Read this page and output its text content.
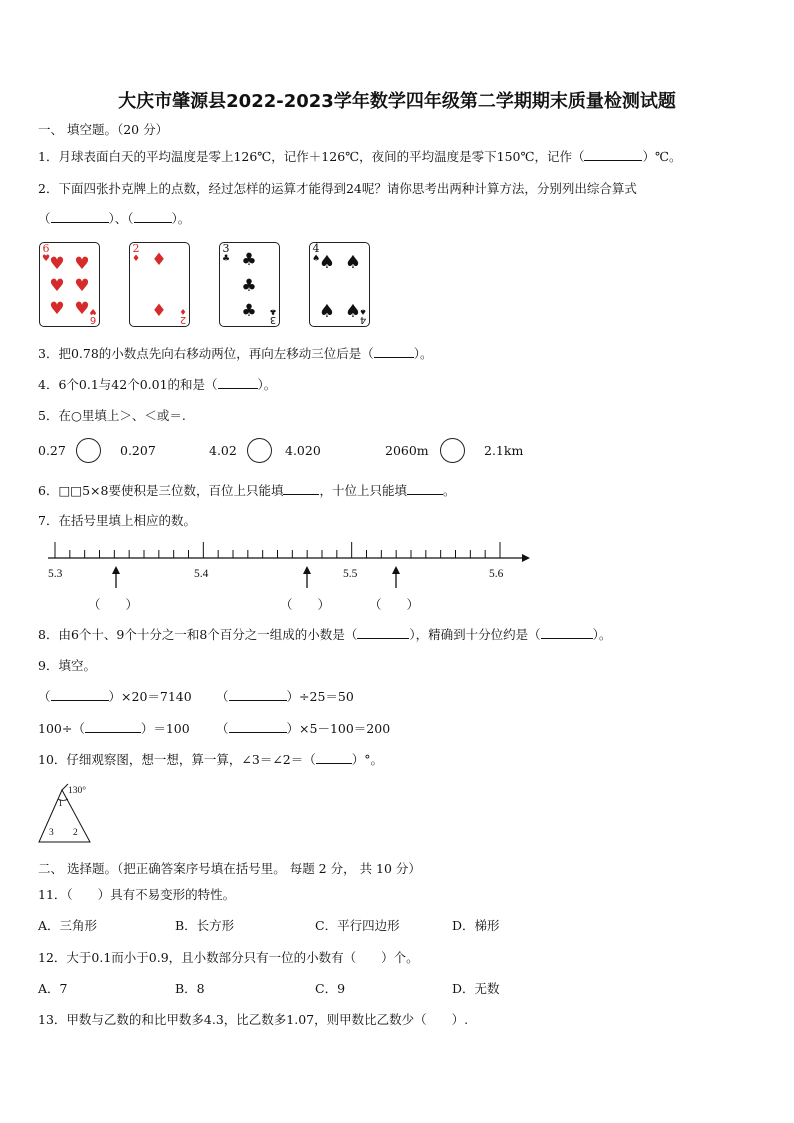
大庆市肇源县2022-2023学年数学四年级第二学期期末质量检测试题
一、 填空题。（20 分）
1．月球表面白天的平均温度是零上126℃，记作＋126℃，夜间的平均温度是零下150℃，记作（	）℃。
2．下面四张扑克牌上的点数，经过怎样的运算才能得到24呢？请你思考出两种计算方法，分别列出综合算式
（	）、（	）。
6
♥ ♥ ♥
♥ ♥
♥ ♥
6
♥
2
♦ ♦
♦ 2
♦
3
♣ ♣
♣
♣ 3
♣
4
♠
♠ ♠
♠ ♠
4
♠
3．把0.78的小数点先向右移动两位，再向左移动三位后是（	）。
4．6个0.1与42个0.01的和是（	）。
5．在○里填上＞、＜或＝.
0.27	0.207	4.02	4.020	2060m	2.1km
6．□□5×8要使积是三位数，百位上只能填	，十位上只能填	。
7．在括号里填上相应的数。
5.3	5.4	5.5	5.6
（　　）	（　　）	（　　）
8．由6个十、9个十分之一和8个百分之一组成的小数是（	），精确到十分位约是（	）。
9．填空。
（	）×20＝7140 （	）÷25＝50
100÷（	）＝100 （	）×5－100＝200
10．仔细观察图，想一想，算一算，∠3＝∠2＝（	）°。
130°
1
3 2
二、 选择题。（把正确答案序号填在括号里。 每题 2 分， 共 10 分）
11．（　　）具有不易变形的特性。
A．三角形	B．长方形	C．平行四边形	D．梯形
12．大于0.1而小于0.9，且小数部分只有一位的小数有（　　）个。
A．7	B．8	C．9	D．无数
13．甲数与乙数的和比甲数多4.3，比乙数多1.07，则甲数比乙数少（　　）.
